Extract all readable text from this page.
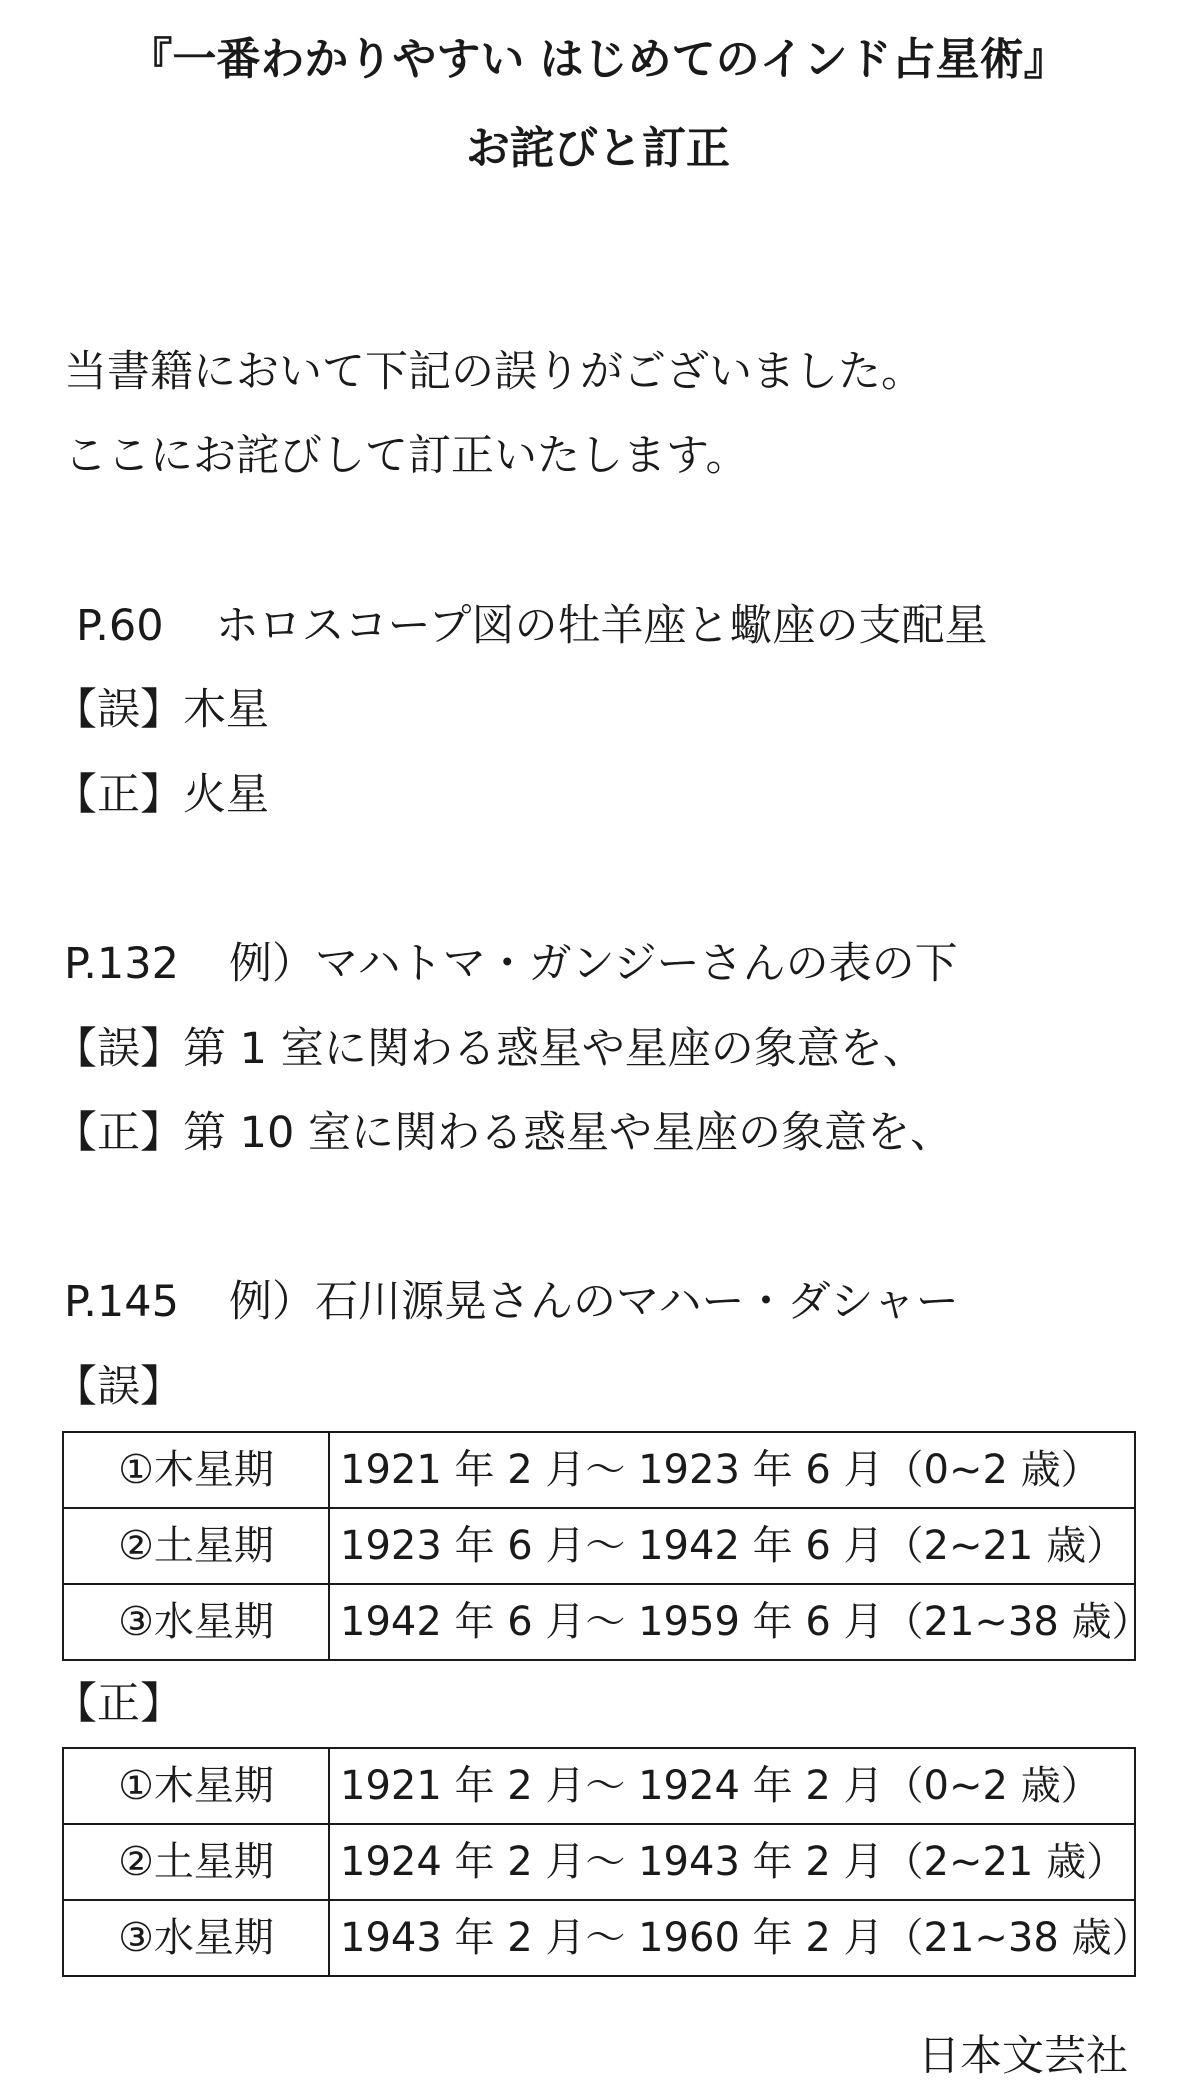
『一番わかりやすい はじめてのインド占星術』
お詫びと訂正
当書籍において下記の誤りがございました。
ここにお詫びして訂正いたします。
P.60 ホロスコープ図の牡羊座と蠍座の支配星
【誤】木星
【正】火星
P.132 例）マハトマ・ガンジーさんの表の下
【誤】第 1 室に関わる惑星や星座の象意を、
【正】第 10 室に関わる惑星や星座の象意を、
P.145 例）石川源晃さんのマハー・ダシャー
【誤】
①木星期	1921 年 2 月〜 1923 年 6 月（0~2 歳）
②土星期	1923 年 6 月〜 1942 年 6 月（2~21 歳）
③水星期	1942 年 6 月〜 1959 年 6 月（21~38 歳）
【正】
①木星期	1921 年 2 月〜 1924 年 2 月（0~2 歳）
②土星期	1924 年 2 月〜 1943 年 2 月（2~21 歳）
③水星期	1943 年 2 月〜 1960 年 2 月（21~38 歳）
日本文芸社
